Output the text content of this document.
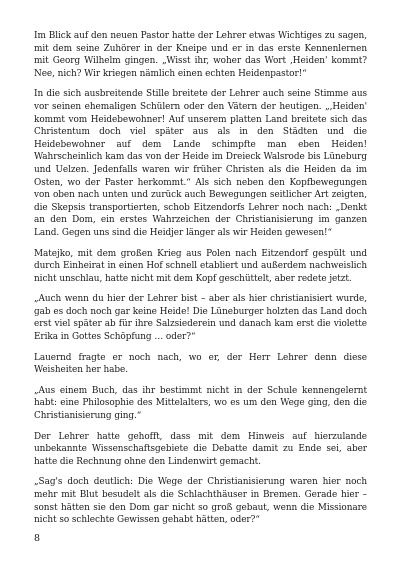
Im Blick auf den neuen Pastor hatte der Lehrer etwas Wichtiges zu sagen, mit dem seine Zuhörer in der Kneipe und er in das erste Kennenlernen mit Georg Wilhelm gingen. „Wisst ihr, woher das Wort ‚Heiden' kommt? Nee, nich? Wir kriegen nämlich einen echten Heidenpastor!“

In die sich ausbreitende Stille breitete der Lehrer auch seine Stimme aus vor seinen ehemaligen Schülern oder den Vätern der heutigen. „‚Heiden' kommt vom Heidebewohner! Auf unserem platten Land breitete sich das Christentum doch viel später aus als in den Städten und die Heidebewohner auf dem Lande schimpfte man eben Heiden! Wahrscheinlich kam das von der Heide im Dreieck Walsrode bis Lüneburg und Uelzen. Jedenfalls waren wir früher Christen als die Heiden da im Osten, wo der Paster herkommt.“ Als sich neben den Kopfbewegungen von oben nach unten und zurück auch Bewegungen seitlicher Art zeigten, die Skepsis transportierten, schob Eitzendorfs Lehrer noch nach: „Denkt an den Dom, ein erstes Wahrzeichen der Christianisierung im ganzen Land. Gegen uns sind die Heidjer länger als wir Heiden gewesen!“

Matejko, mit dem großen Krieg aus Polen nach Eitzendorf gespült und durch Einheirat in einen Hof schnell etabliert und außerdem nachweislich nicht unschlau, hatte nicht mit dem Kopf geschüttelt, aber redete jetzt.

„Auch wenn du hier der Lehrer bist – aber als hier christianisiert wurde, gab es doch noch gar keine Heide! Die Lüneburger holzten das Land doch erst viel später ab für ihre Salzsiederein und danach kam erst die violette Erika in Gottes Schöpfung … oder?“

Lauernd fragte er noch nach, wo er, der Herr Lehrer denn diese Weisheiten her habe.

„Aus einem Buch, das ihr bestimmt nicht in der Schule kennengelernt habt: eine Philosophie des Mittelalters, wo es um den Wege ging, den die Christianisierung ging.“

Der Lehrer hatte gehofft, dass mit dem Hinweis auf hierzulande unbekannte Wissenschaftsgebiete die Debatte damit zu Ende sei, aber hatte die Rechnung ohne den Lindenwirt gemacht.

„Sag's doch deutlich: Die Wege der Christianisierung waren hier noch mehr mit Blut besudelt als die Schlachthäuser in Bremen. Gerade hier – sonst hätten sie den Dom gar nicht so groß gebaut, wenn die Missionare nicht so schlechte Gewissen gehabt hätten, oder?“

8
